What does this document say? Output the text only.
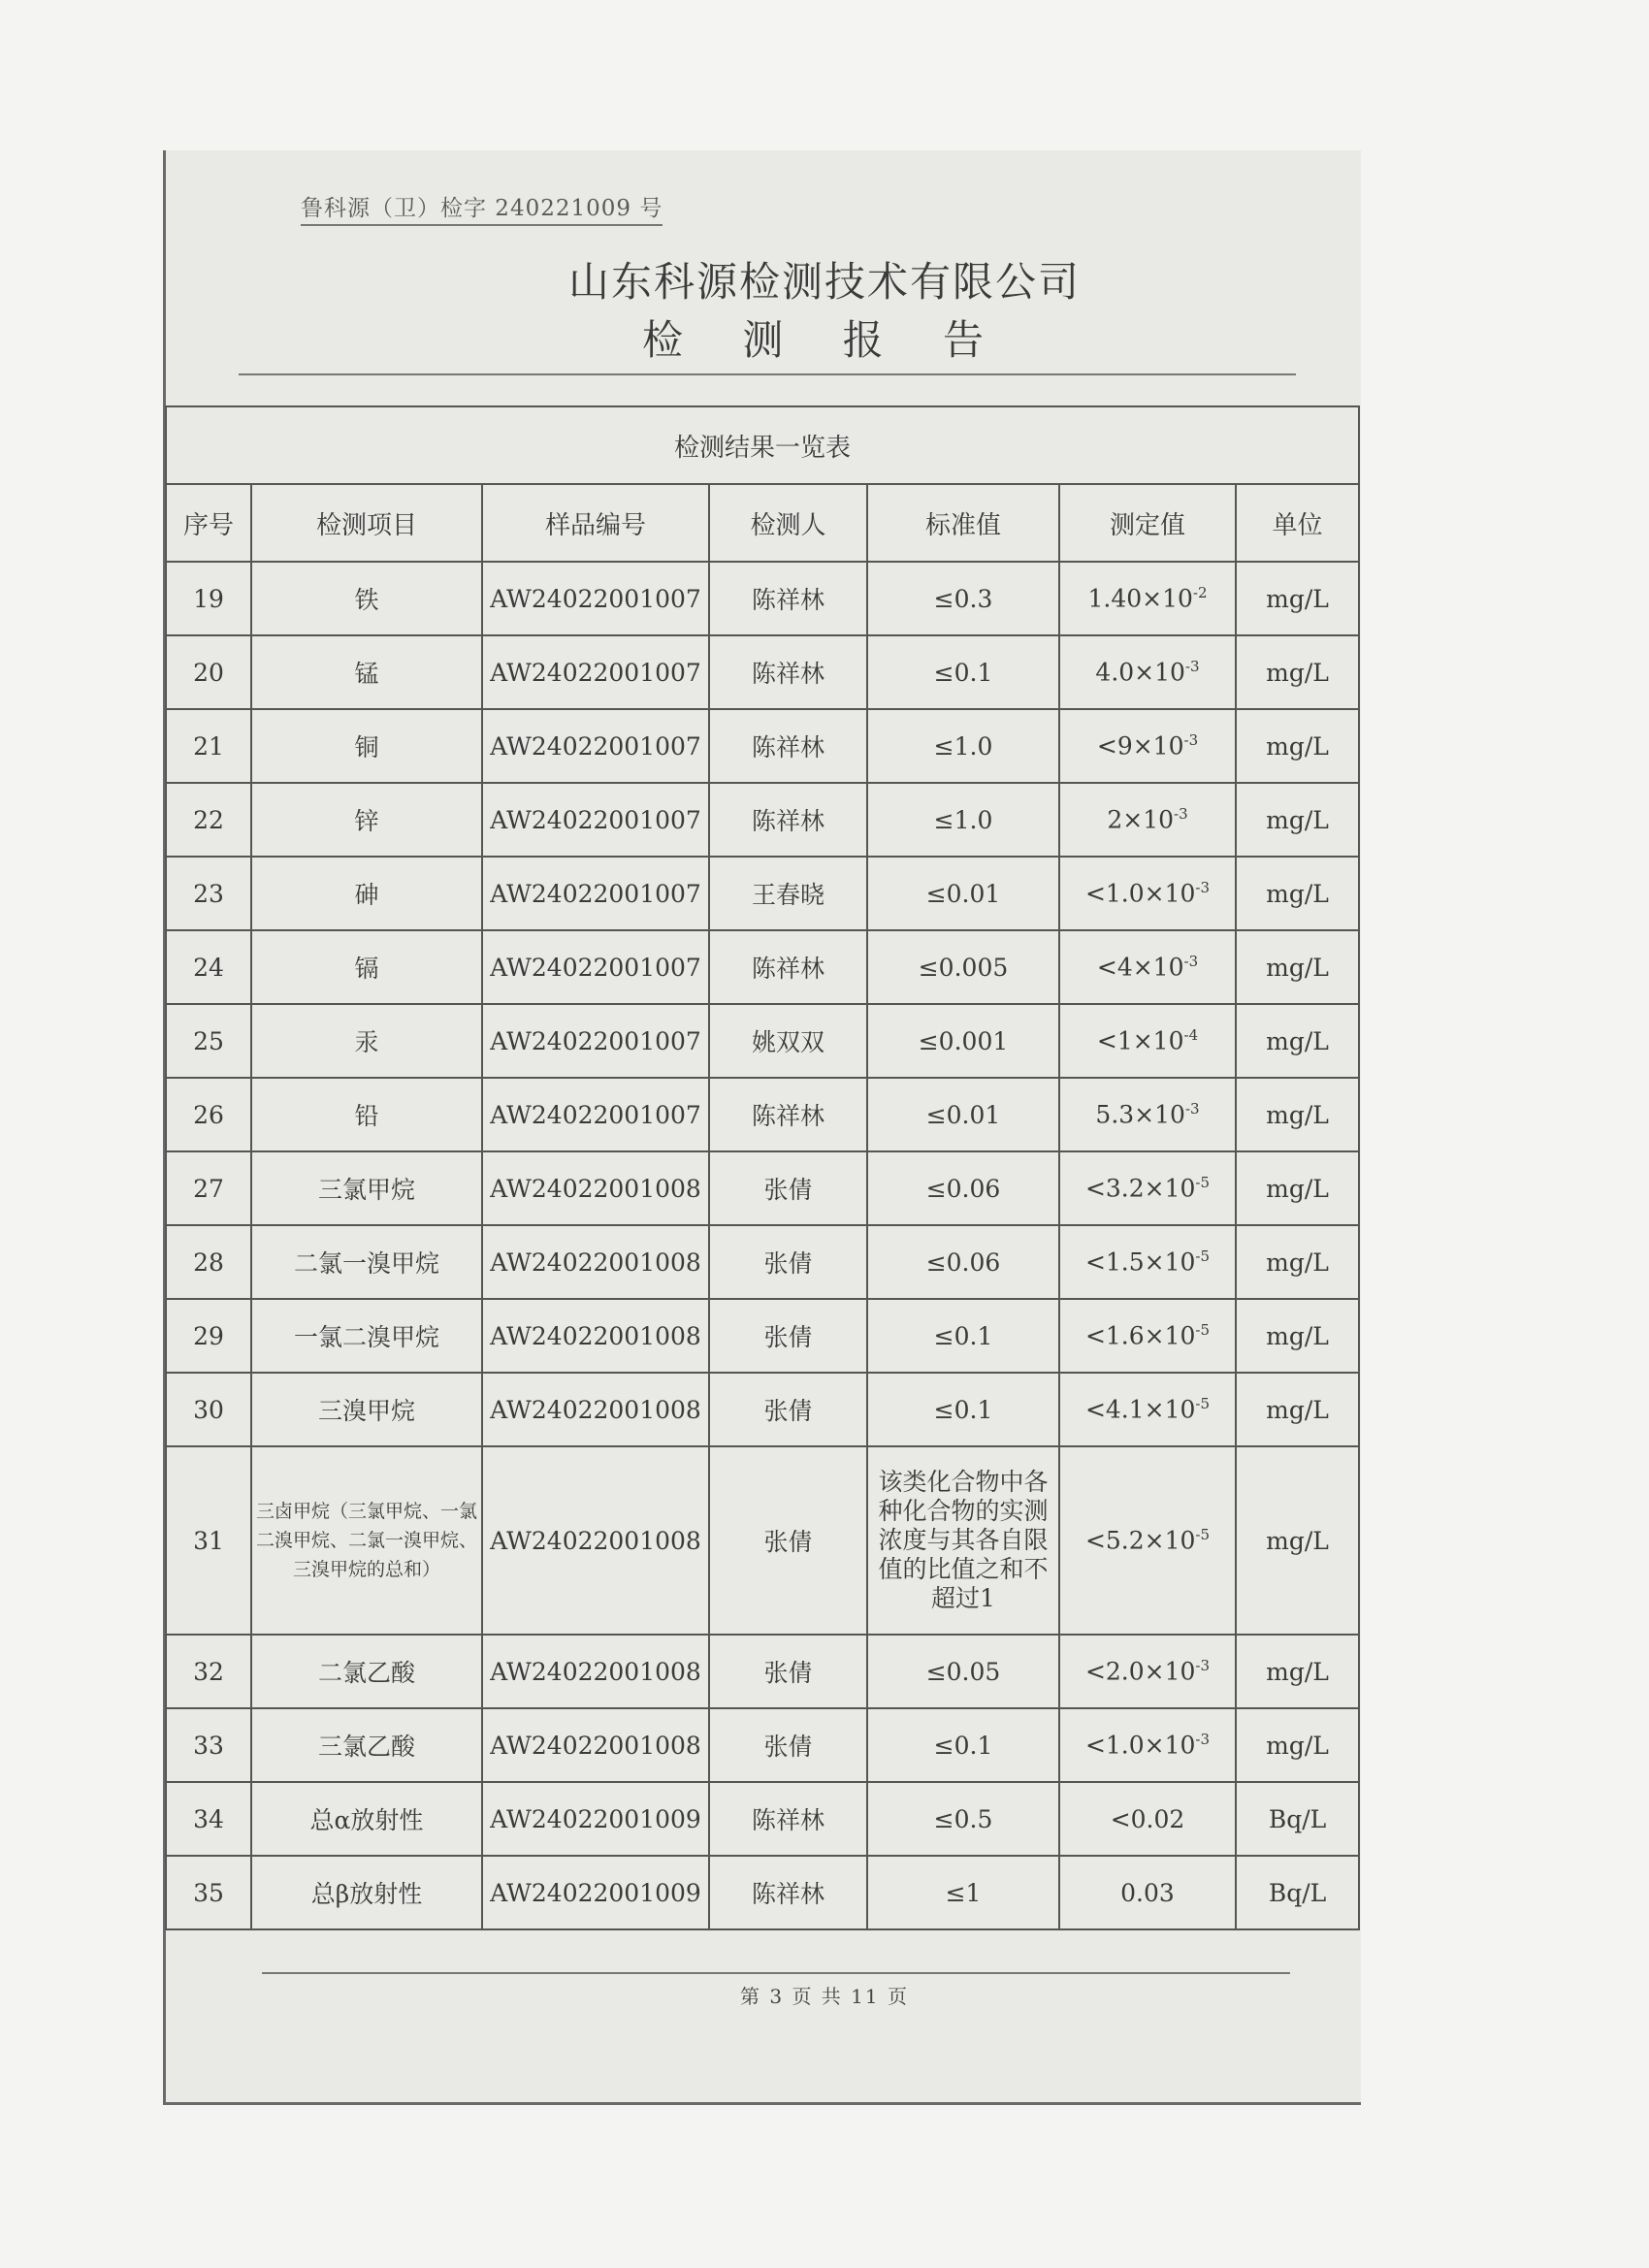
鲁科源（卫）检字 240221009 号
山东科源检测技术有限公司
检 测 报 告
检测结果一览表						
序号	检测项目	样品编号	检测人	标准值	测定值	单位
19	铁	AW24022001007	陈祥林	≤0.3	$1.40\times 10^{-2}$	mg/L
20	锰	AW24022001007	陈祥林	≤0.1	$4.0\times 10^{-3}$	mg/L
21	铜	AW24022001007	陈祥林	≤1.0	$<9\times 10^{-3}$	mg/L
22	锌	AW24022001007	陈祥林	≤1.0	$2\times 10^{-3}$	mg/L
23	砷	AW24022001007	王春晓	≤0.01	$<1.0\times 10^{-3}$	mg/L
24	镉	AW24022001007	陈祥林	≤0.005	$<4\times 10^{-3}$	mg/L
25	汞	AW24022001007	姚双双	≤0.001	$<1\times 10^{-4}$	mg/L
26	铅	AW24022001007	陈祥林	≤0.01	$5.3\times 10^{-3}$	mg/L
27	三氯甲烷	AW24022001008	张倩	≤0.06	$<3.2\times 10^{-5}$	mg/L
28	二氯一溴甲烷	AW24022001008	张倩	≤0.06	$<1.5\times 10^{-5}$	mg/L
29	一氯二溴甲烷	AW24022001008	张倩	≤0.1	$<1.6\times 10^{-5}$	mg/L
30	三溴甲烷	AW24022001008	张倩	≤0.1	$<4.1\times 10^{-5}$	mg/L
31	三卤甲烷（三氯甲烷、一氯二溴甲烷、二氯一溴甲烷、三溴甲烷的总和）	AW24022001008	张倩	该类化合物中各种化合物的实测浓度与其各自限值的比值之和不超过1	$<5.2\times 10^{-5}$	mg/L
32	二氯乙酸	AW24022001008	张倩	≤0.05	$<2.0\times 10^{-3}$	mg/L
33	三氯乙酸	AW24022001008	张倩	≤0.1	$<1.0\times 10^{-3}$	mg/L
34	总α放射性	AW24022001009	陈祥林	≤0.5	<0.02	Bq/L
35	总β放射性	AW24022001009	陈祥林	≤1	0.03	Bq/L
第 3 页 共 11 页
